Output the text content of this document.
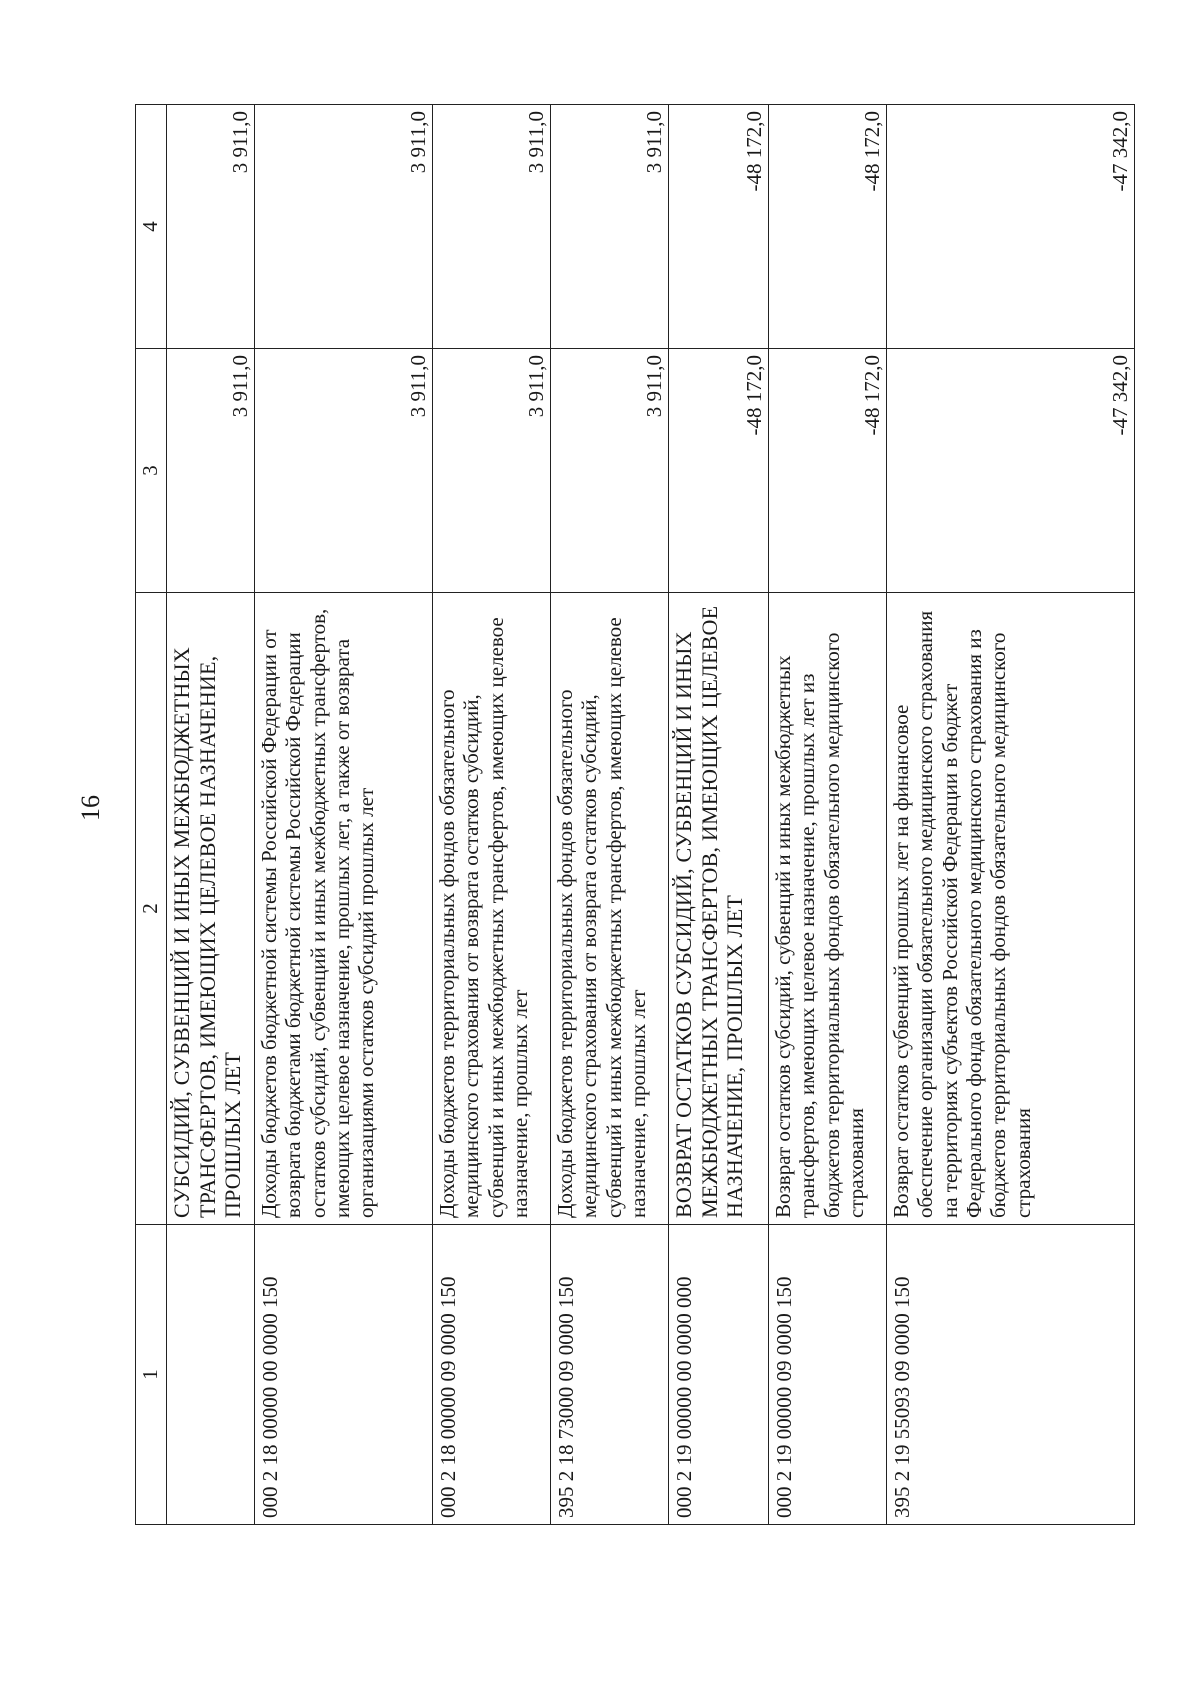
16
1	2	3	4
	СУБСИДИЙ, СУБВЕНЦИЙ И ИНЫХ МЕЖБЮДЖЕТНЫХ ТРАНСФЕРТОВ, ИМЕЮЩИХ ЦЕЛЕВОЕ НАЗНАЧЕНИЕ, ПРОШЛЫХ ЛЕТ	3 911,0	3 911,0
000 2 18 00000 00 0000 150	Доходы бюджетов бюджетной системы Российской Федерации от возврата бюджетами бюджетной системы Российской Федерации остатков субсидий, субвенций и иных межбюджетных трансфертов, имеющих целевое назначение, прошлых лет, а также от возврата организациями остатков субсидий прошлых лет	3 911,0	3 911,0
000 2 18 00000 09 0000 150	Доходы бюджетов территориальных фондов обязательного медицинского страхования от возврата остатков субсидий, субвенций и иных межбюджетных трансфертов, имеющих целевое назначение, прошлых лет	3 911,0	3 911,0
395 2 18 73000 09 0000 150	Доходы бюджетов территориальных фондов обязательного медицинского страхования от возврата остатков субсидий, субвенций и иных межбюджетных трансфертов, имеющих целевое назначение, прошлых лет	3 911,0	3 911,0
000 2 19 00000 00 0000 000	ВОЗВРАТ ОСТАТКОВ СУБСИДИЙ, СУБВЕНЦИЙ И ИНЫХ МЕЖБЮДЖЕТНЫХ ТРАНСФЕРТОВ, ИМЕЮЩИХ ЦЕЛЕВОЕ НАЗНАЧЕНИЕ, ПРОШЛЫХ ЛЕТ	-48 172,0	-48 172,0
000 2 19 00000 09 0000 150	Возврат остатков субсидий, субвенций и иных межбюджетных трансфертов, имеющих целевое назначение, прошлых лет из бюджетов территориальных фондов обязательного медицинского страхования	-48 172,0	-48 172,0
395 2 19 55093 09 0000 150	Возврат остатков субвенций прошлых лет на финансовое обеспечение организации обязательного медицинского страхования на территориях субъектов Российской Федерации в бюджет Федерального фонда обязательного медицинского страхования из бюджетов территориальных фондов обязательного медицинского страхования	-47 342,0	-47 342,0
